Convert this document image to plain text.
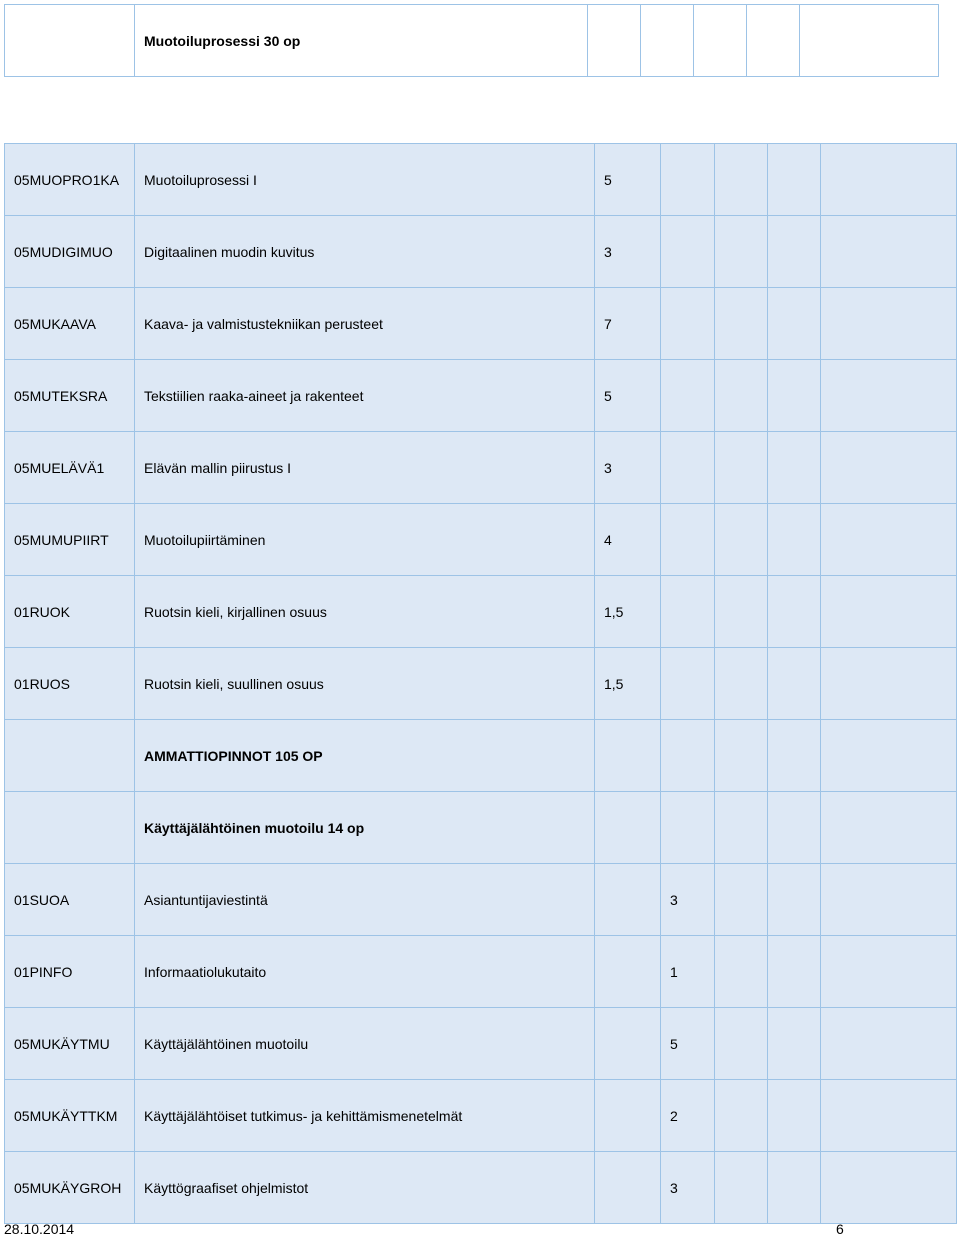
	Muotoiluprosessi 30 op					
05MUOPRO1KA	Muotoiluprosessi I	5				
05MUDIGIMUO	Digitaalinen muodin kuvitus	3				
05MUKAAVA	Kaava- ja valmistustekniikan perusteet	7				
05MUTEKSRA	Tekstiilien raaka-aineet ja rakenteet	5				
05MUELÄVÄ1	Elävän mallin piirustus I	3				
05MUMUPIIRT	Muotoilupiirtäminen	4				
01RUOK	Ruotsin kieli, kirjallinen osuus	1,5				
01RUOS	Ruotsin kieli, suullinen osuus	1,5				
	AMMATTIOPINNOT 105 OP					
	Käyttäjälähtöinen muotoilu 14 op					
01SUOA	Asiantuntijaviestintä		3			
01PINFO	Informaatiolukutaito		1			
05MUKÄYTMU	Käyttäjälähtöinen muotoilu		5			
05MUKÄYTTKM	Käyttäjälähtöiset tutkimus- ja kehittämismenetelmät		2			
05MUKÄYGROH	Käyttögraafiset ohjelmistot		3			
28.10.2014	6
